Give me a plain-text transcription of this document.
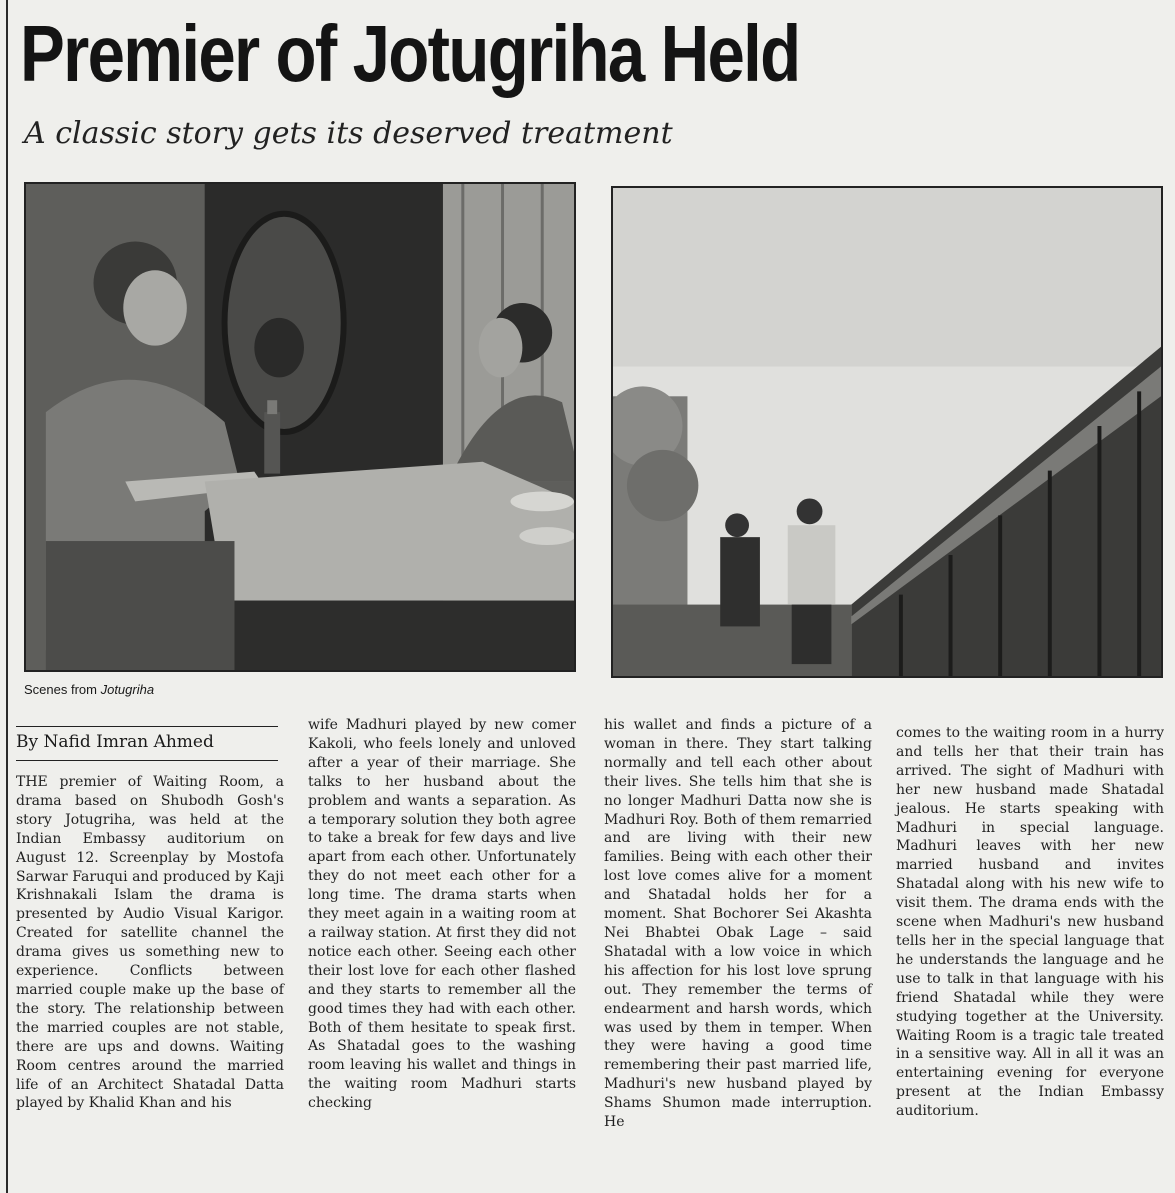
Premier of Jotugriha Held
A classic story gets its deserved treatment
Scenes from Jotugriha
By Nafid Imran Ahmed

THE premier of Waiting Room, a drama based on Shubodh Gosh's story Jotugriha, was held at the Indian Embassy auditorium on August 12. Screenplay by Mostofa Sarwar Faruqui and produced by Kaji Krishnakali Islam the drama is presented by Audio Visual Karigor. Created for satellite channel the drama gives us something new to experience. Conflicts between married couple make up the base of the story. The relationship between the married couples are not stable, there are ups and downs. Waiting Room centres around the married life of an Architect Shatadal Datta played by Khalid Khan and his

wife Madhuri played by new comer Kakoli, who feels lonely and unloved after a year of their marriage. She talks to her husband about the problem and wants a separation. As a temporary solution they both agree to take a break for few days and live apart from each other. Unfortunately they do not meet each other for a long time. The drama starts when they meet again in a waiting room at a railway station. At first they did not notice each other. Seeing each other their lost love for each other flashed and they starts to remember all the good times they had with each other. Both of them hesitate to speak first. As Shatadal goes to the washing room leaving his wallet and things in the waiting room Madhuri starts checking

his wallet and finds a picture of a woman in there. They start talking normally and tell each other about their lives. She tells him that she is no longer Madhuri Datta now she is Madhuri Roy. Both of them remarried and are living with their new families. Being with each other their lost love comes alive for a moment and Shatadal holds her for a moment. Shat Bochorer Sei Akashta Nei Bhabtei Obak Lage – said Shatadal with a low voice in which his affection for his lost love sprung out. They remember the terms of endearment and harsh words, which was used by them in temper. When they were having a good time remembering their past married life, Madhuri's new husband played by Shams Shumon made interruption. He

comes to the waiting room in a hurry and tells her that their train has arrived. The sight of Madhuri with her new husband made Shatadal jealous. He starts speaking with Madhuri in special language. Madhuri leaves with her new married husband and invites Shatadal along with his new wife to visit them. The drama ends with the scene when Madhuri's new husband tells her in the special language that he understands the language and he use to talk in that language with his friend Shatadal while they were studying together at the University. Waiting Room is a tragic tale treated in a sensitive way. All in all it was an entertaining evening for everyone present at the Indian Embassy auditorium.
